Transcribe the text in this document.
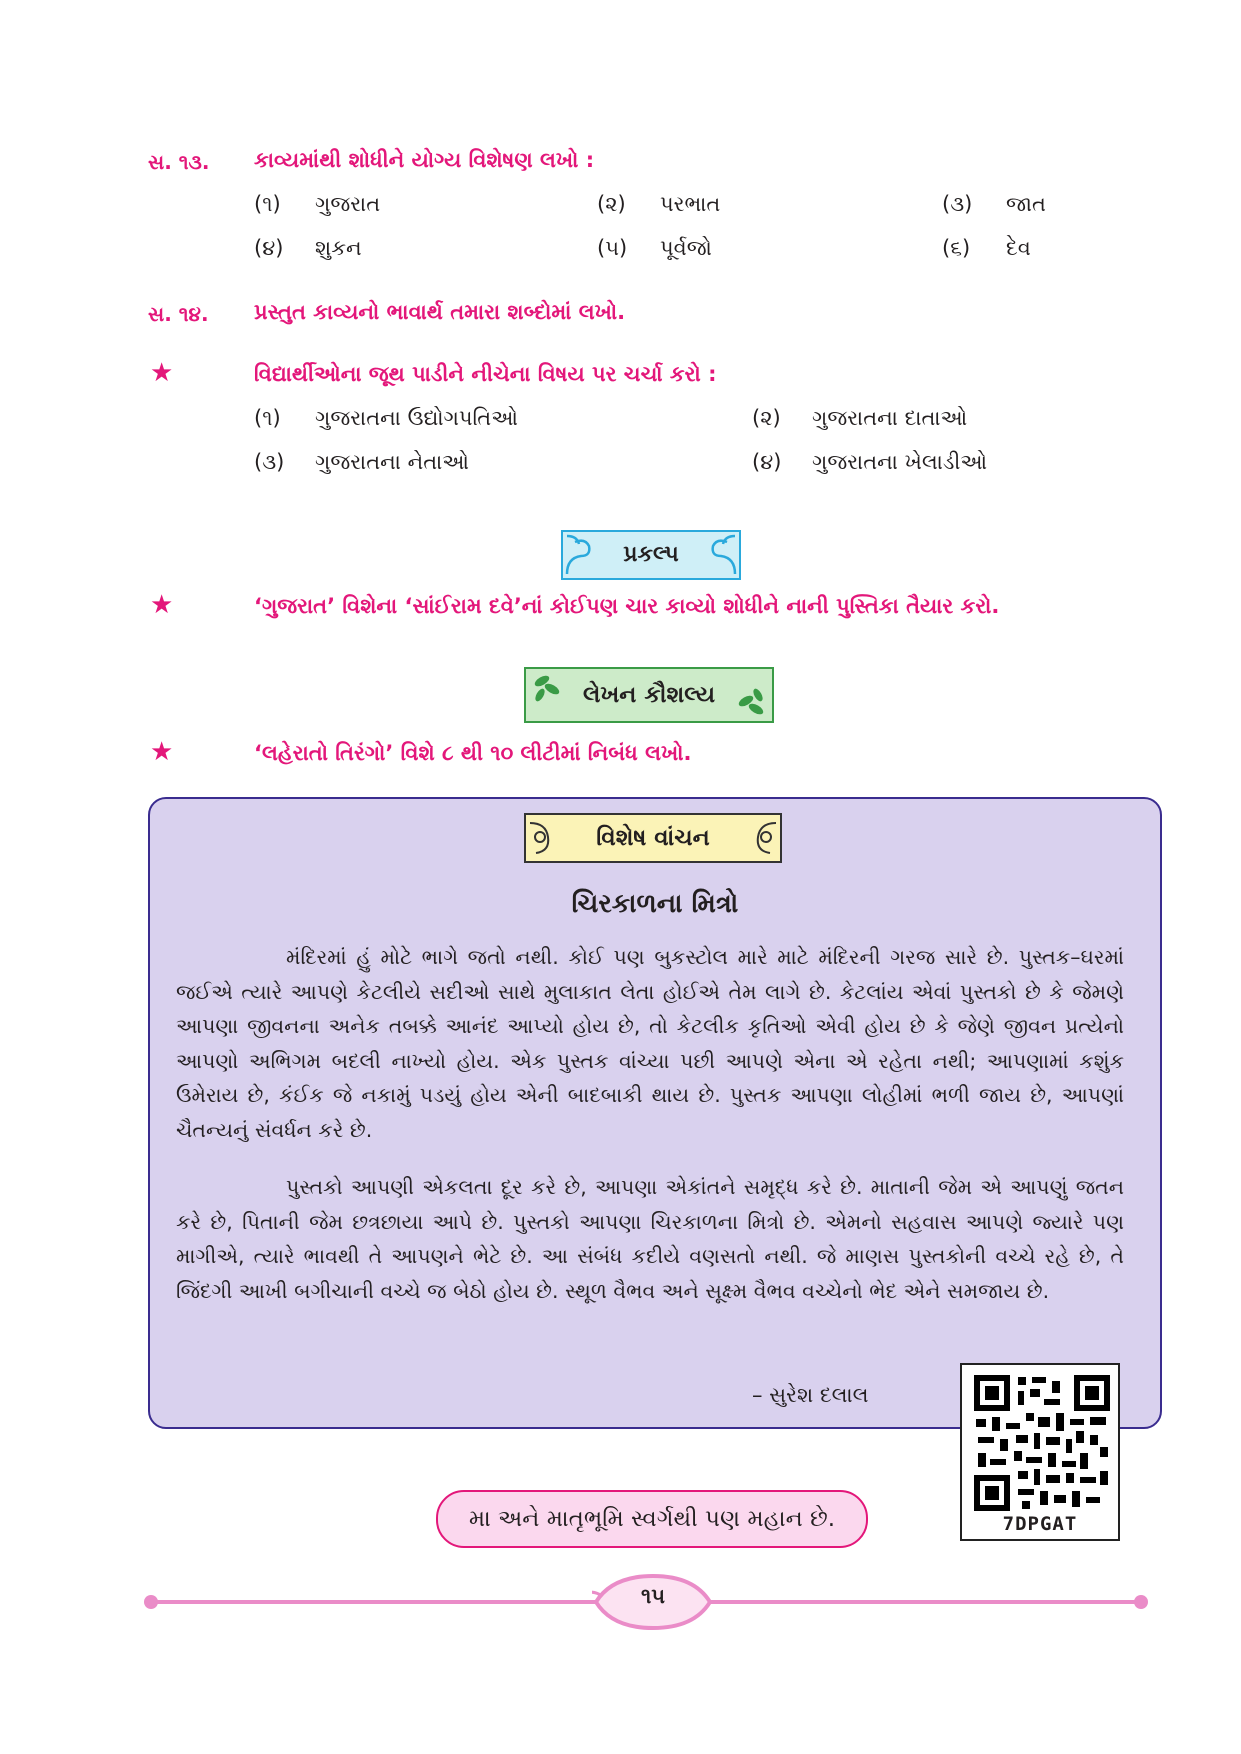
સ. ૧૩. કાવ્યમાંથી શોધીને યોગ્ય વિશેષણ લખો :
(૧) ગુજરાત	(૨) પરભાત	(૩) જાત
(૪) શુકન	(૫) પૂર્વજો	(૬) દેવ
સ. ૧૪. પ્રસ્તુત કાવ્યનો ભાવાર્થ તમારા શબ્દોમાં લખો.
★	વિદ્યાર્થીઓના જૂથ પાડીને નીચેના વિષય પર ચર્ચા કરો :
(૧) ગુજરાતના ઉદ્યોગપતિઓ	(૨) ગુજરાતના દાતાઓ
(૩) ગુજરાતના નેતાઓ	(૪) ગુજરાતના ખેલાડીઓ
પ્રકલ્પ
★	‘ગુજરાત’ વિશેના ‘સાંઈરામ દવે’નાં કોઈપણ ચાર કાવ્યો શોધીને નાની પુસ્તિકા તૈયાર કરો.
લેખન કૌશલ્ય
★	‘લહેરાતો તિરંગો’ વિશે ૮ થી ૧૦ લીટીમાં નિબંધ લખો.
વિશેષ વાંચન
ચિરકાળના મિત્રો

મંદિરમાં હું મોટે ભાગે જતો નથી. કોઈ પણ બુકસ્ટોલ મારે માટે મંદિરની ગરજ સારે છે. પુસ્તક–ઘરમાં જઈએ ત્યારે આપણે કેટલીયે સદીઓ સાથે મુલાકાત લેતા હોઈએ તેમ લાગે છે. કેટલાંય એવાં પુસ્તકો છે કે જેમણે આપણા જીવનના અનેક તબક્કે આનંદ આપ્યો હોય છે, તો કેટલીક કૃતિઓ એવી હોય છે કે જેણે જીવન પ્રત્યેનો આપણો અભિગમ બદલી નાખ્યો હોય. એક પુસ્તક વાંચ્યા પછી આપણે એના એ રહેતા નથી; આપણામાં કશુંક ઉમેરાય છે, કંઈક જે નકામું પડયું હોય એની બાદબાકી થાય છે. પુસ્તક આપણા લોહીમાં ભળી જાય છે, આપણાં ચૈતન્યનું સંવર્ધન કરે છે.

પુસ્તકો આપણી એકલતા દૂર કરે છે, આપણા એકાંતને સમૃદ્ધ કરે છે. માતાની જેમ એ આપણું જતન કરે છે, પિતાની જેમ છત્રછાયા આપે છે. પુસ્તકો આપણા ચિરકાળના મિત્રો છે. એમનો સહવાસ આપણે જ્યારે પણ માગીએ, ત્યારે ભાવથી તે આપણને ભેટે છે. આ સંબંધ કદીયે વણસતો નથી. જે માણસ પુસ્તકોની વચ્ચે રહે છે, તે જિંદગી આખી બગીચાની વચ્ચે જ બેઠો હોય છે. સ્થૂળ વૈભવ અને સૂક્ષ્મ વૈભવ વચ્ચેનો ભેદ એને સમજાય છે.

– સુરેશ દલાલ
7DPGAT
મા અને માતૃભૂમિ સ્વર્ગથી પણ મહાન છે.
૧૫
